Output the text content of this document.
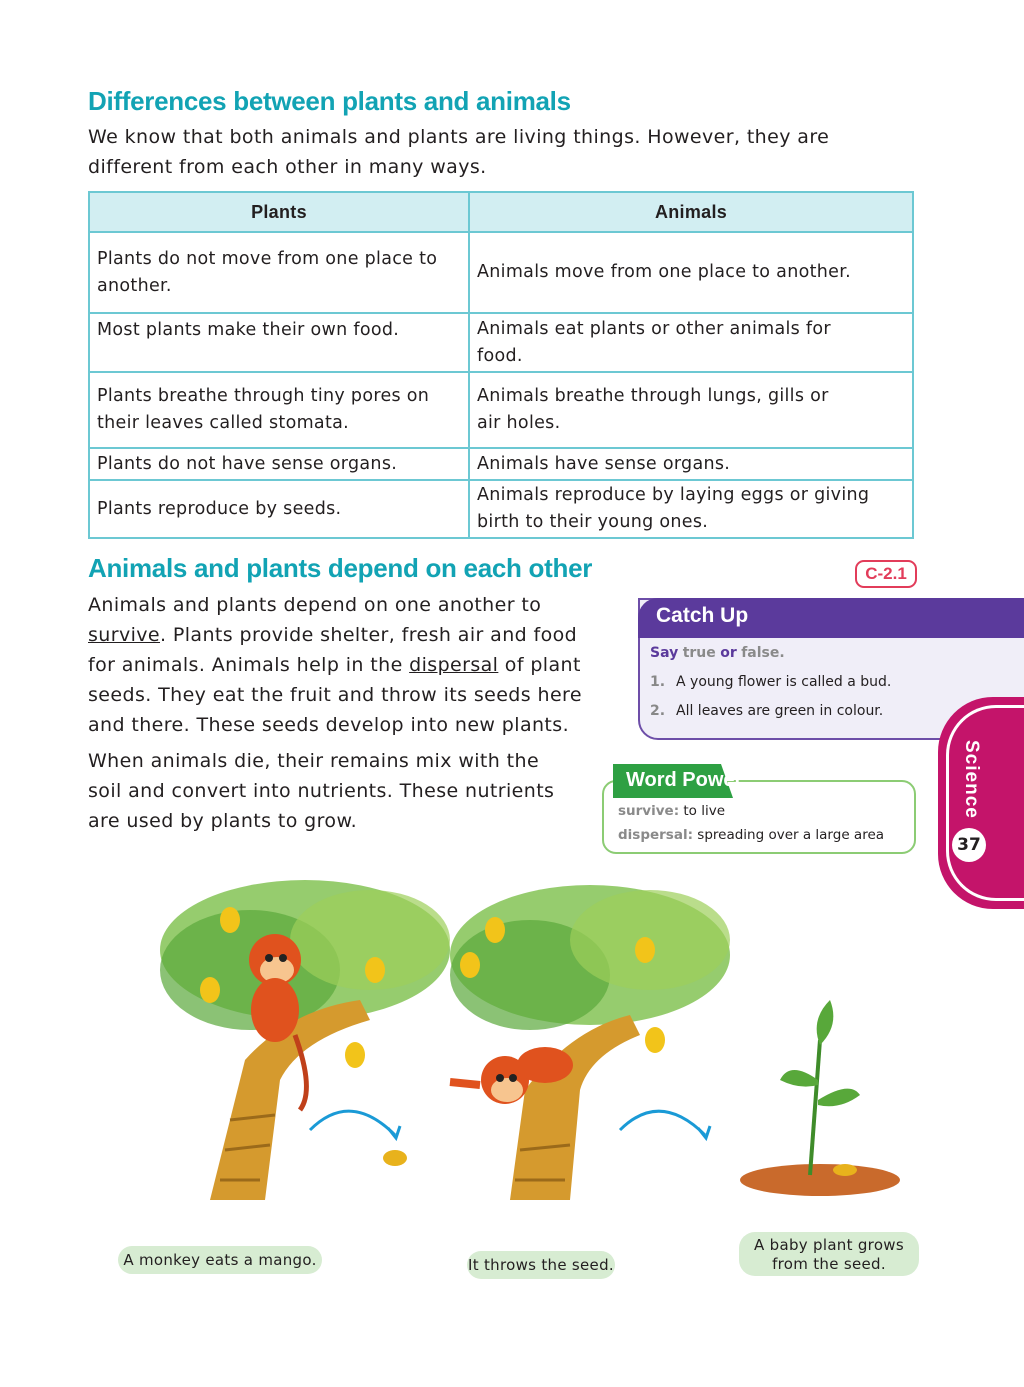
Differences between plants and animals
We know that both animals and plants are living things. However, they are
different from each other in many ways.
Plants	Animals
Plants do not move from one place to another.	Animals move from one place to another.
Most plants make their own food.	Animals eat plants or other animals for food.
Plants breathe through tiny pores on their leaves called stomata.	Animals breathe through lungs, gills or air holes.
Plants do not have sense organs.	Animals have sense organs.
Plants reproduce by seeds.	Animals reproduce by laying eggs or giving birth to their young ones.
Animals and plants depend on each other	C-2.1
Animals and plants depend on one another to
survive. Plants provide shelter, fresh air and food
for animals. Animals help in the dispersal of plant
seeds. They eat the fruit and throw its seeds here
and there. These seeds develop into new plants.
When animals die, their remains mix with the
soil and convert into nutrients. These nutrients
are used by plants to grow.
Catch Up
Say true or false.
1. A young flower is called a bud.
2. All leaves are green in colour.
Word Power
survive: to live
dispersal: spreading over a large area
Science
37
A monkey eats a mango.	It throws the seed.
A baby plant grows
from the seed.
